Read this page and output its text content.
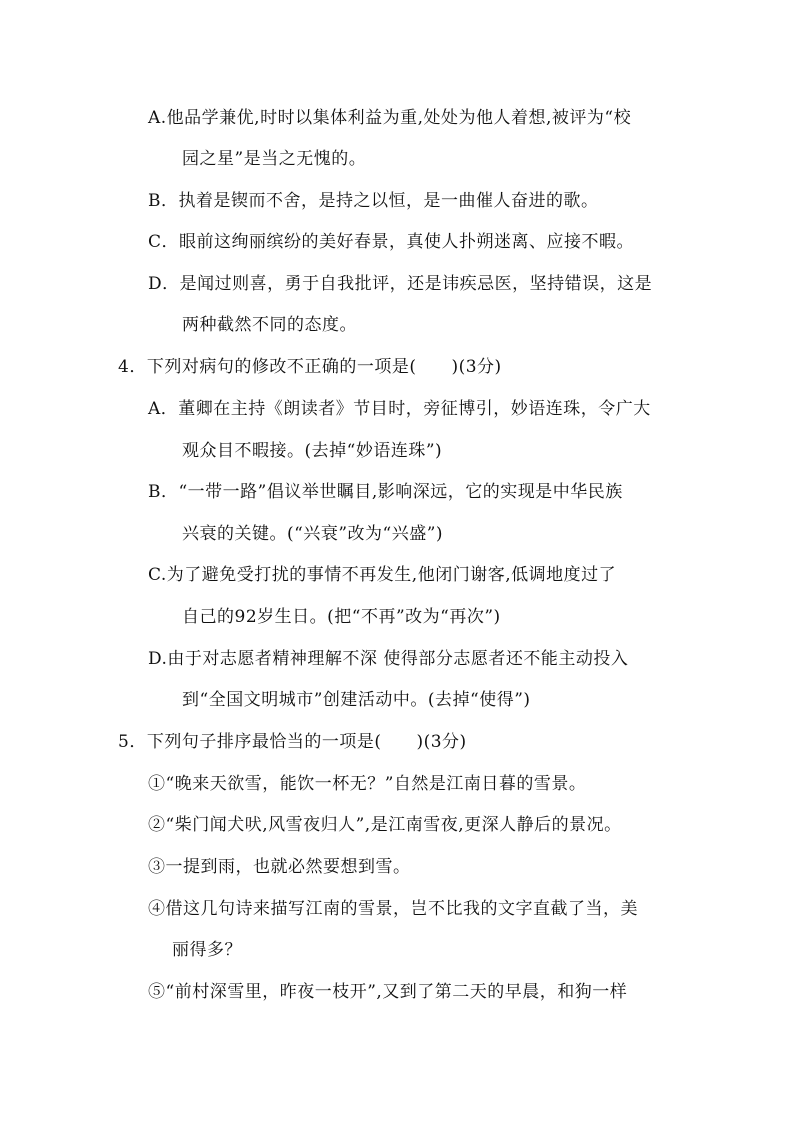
A.他品学兼优,时时以集体利益为重,处处为他人着想,被评为“校
园之星”是当之无愧的。
B．执着是锲而不舍，是持之以恒，是一曲催人奋进的歌。
C．眼前这绚丽缤纷的美好春景，真使人扑朔迷离、应接不暇。
D．是闻过则喜，勇于自我批评，还是讳疾忌医，坚持错误，这是
两种截然不同的态度。
4．下列对病句的修改不正确的一项是(　　)(3分)
A．董卿在主持《朗读者》节目时，旁征博引，妙语连珠，令广大
观众目不暇接。(去掉“妙语连珠”)
B．“一带一路”倡议举世瞩目,影响深远，它的实现是中华民族
兴衰的关键。(“兴衰”改为“兴盛”)
C.为了避免受打扰的事情不再发生,他闭门谢客,低调地度过了
自己的92岁生日。(把“不再”改为“再次”)
D.由于对志愿者精神理解不深 使得部分志愿者还不能主动投入
到“全国文明城市”创建活动中。(去掉“使得”)
5．下列句子排序最恰当的一项是(　　)(3分)
①“晚来天欲雪，能饮一杯无？”自然是江南日暮的雪景。
②“柴门闻犬吠,风雪夜归人”,是江南雪夜,更深人静后的景况。
③一提到雨，也就必然要想到雪。
④借这几句诗来描写江南的雪景，岂不比我的文字直截了当，美
丽得多？
⑤“前村深雪里，昨夜一枝开”,又到了第二天的早晨，和狗一样
